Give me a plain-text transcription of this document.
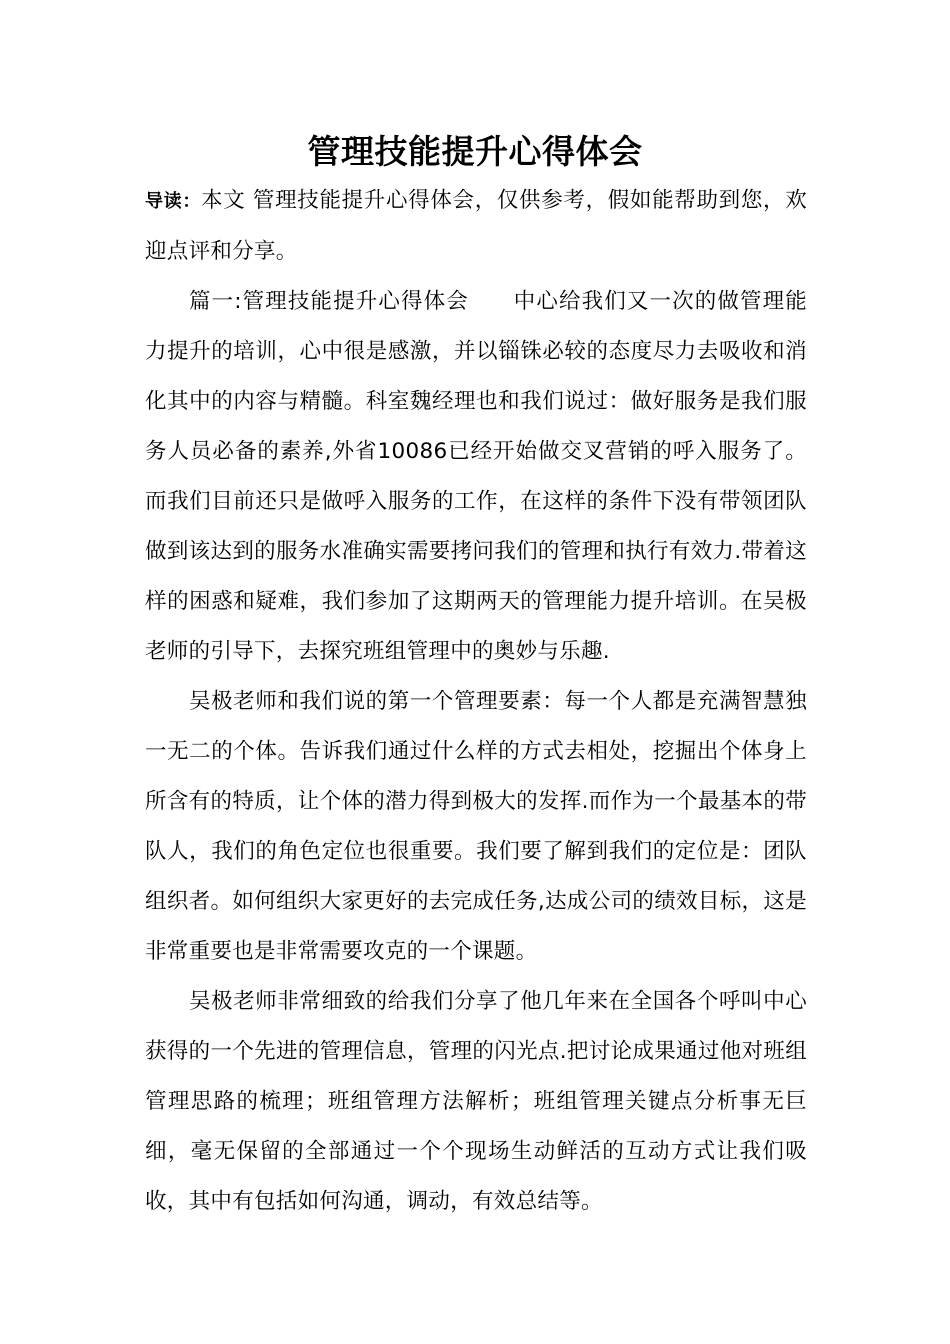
管理技能提升心得体会

导读：本文 管理技能提升心得体会，仅供参考，假如能帮助到您，欢迎点评和分享。

篇一:管理技能提升心得体会 中心给我们又一次的做管理能力提升的培训，心中很是感激，并以锱铢必较的态度尽力去吸收和消化其中的内容与精髓。科室魏经理也和我们说过：做好服务是我们服务人员必备的素养,外省10086已经开始做交叉营销的呼入服务了。而我们目前还只是做呼入服务的工作，在这样的条件下没有带领团队做到该达到的服务水准确实需要拷问我们的管理和执行有效力.带着这样的困惑和疑难，我们参加了这期两天的管理能力提升培训。在吴极老师的引导下，去探究班组管理中的奥妙与乐趣.

吴极老师和我们说的第一个管理要素：每一个人都是充满智慧独一无二的个体。告诉我们通过什么样的方式去相处，挖掘出个体身上所含有的特质，让个体的潜力得到极大的发挥.而作为一个最基本的带队人，我们的角色定位也很重要。我们要了解到我们的定位是：团队组织者。如何组织大家更好的去完成任务,达成公司的绩效目标，这是非常重要也是非常需要攻克的一个课题。

吴极老师非常细致的给我们分享了他几年来在全国各个呼叫中心获得的一个先进的管理信息，管理的闪光点.把讨论成果通过他对班组管理思路的梳理；班组管理方法解析；班组管理关键点分析事无巨细，毫无保留的全部通过一个个现场生动鲜活的互动方式让我们吸收，其中有包括如何沟通，调动，有效总结等。
